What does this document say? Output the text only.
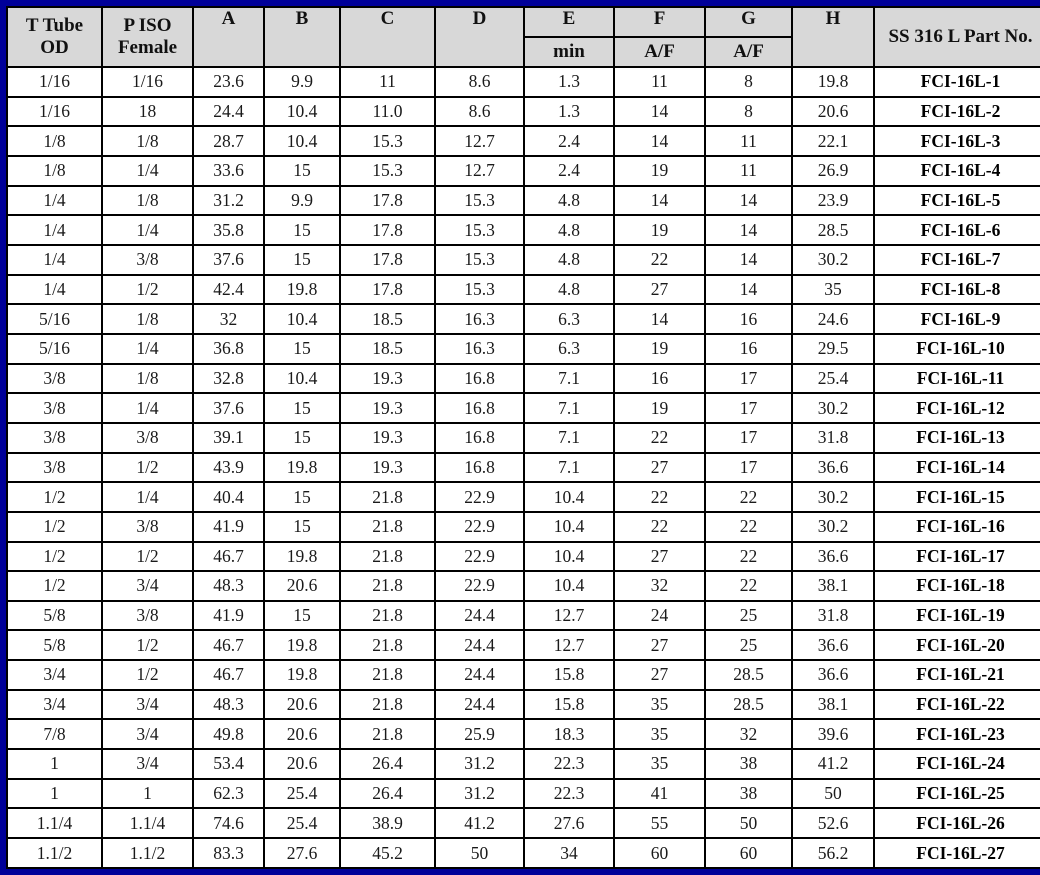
T Tube OD	P ISO Female	A	B	C	D	E	F	G	H	SS 316 L Part No.
						min	A/F	A/F		
1/16	1/16	23.6	9.9	11	8.6	1.3	11	8	19.8	FCI-16L-1
1/16	18	24.4	10.4	11.0	8.6	1.3	14	8	20.6	FCI-16L-2
1/8	1/8	28.7	10.4	15.3	12.7	2.4	14	11	22.1	FCI-16L-3
1/8	1/4	33.6	15	15.3	12.7	2.4	19	11	26.9	FCI-16L-4
1/4	1/8	31.2	9.9	17.8	15.3	4.8	14	14	23.9	FCI-16L-5
1/4	1/4	35.8	15	17.8	15.3	4.8	19	14	28.5	FCI-16L-6
1/4	3/8	37.6	15	17.8	15.3	4.8	22	14	30.2	FCI-16L-7
1/4	1/2	42.4	19.8	17.8	15.3	4.8	27	14	35	FCI-16L-8
5/16	1/8	32	10.4	18.5	16.3	6.3	14	16	24.6	FCI-16L-9
5/16	1/4	36.8	15	18.5	16.3	6.3	19	16	29.5	FCI-16L-10
3/8	1/8	32.8	10.4	19.3	16.8	7.1	16	17	25.4	FCI-16L-11
3/8	1/4	37.6	15	19.3	16.8	7.1	19	17	30.2	FCI-16L-12
3/8	3/8	39.1	15	19.3	16.8	7.1	22	17	31.8	FCI-16L-13
3/8	1/2	43.9	19.8	19.3	16.8	7.1	27	17	36.6	FCI-16L-14
1/2	1/4	40.4	15	21.8	22.9	10.4	22	22	30.2	FCI-16L-15
1/2	3/8	41.9	15	21.8	22.9	10.4	22	22	30.2	FCI-16L-16
1/2	1/2	46.7	19.8	21.8	22.9	10.4	27	22	36.6	FCI-16L-17
1/2	3/4	48.3	20.6	21.8	22.9	10.4	32	22	38.1	FCI-16L-18
5/8	3/8	41.9	15	21.8	24.4	12.7	24	25	31.8	FCI-16L-19
5/8	1/2	46.7	19.8	21.8	24.4	12.7	27	25	36.6	FCI-16L-20
3/4	1/2	46.7	19.8	21.8	24.4	15.8	27	28.5	36.6	FCI-16L-21
3/4	3/4	48.3	20.6	21.8	24.4	15.8	35	28.5	38.1	FCI-16L-22
7/8	3/4	49.8	20.6	21.8	25.9	18.3	35	32	39.6	FCI-16L-23
1	3/4	53.4	20.6	26.4	31.2	22.3	35	38	41.2	FCI-16L-24
1	1	62.3	25.4	26.4	31.2	22.3	41	38	50	FCI-16L-25
1.1/4	1.1/4	74.6	25.4	38.9	41.2	27.6	55	50	52.6	FCI-16L-26
1.1/2	1.1/2	83.3	27.6	45.2	50	34	60	60	56.2	FCI-16L-27
